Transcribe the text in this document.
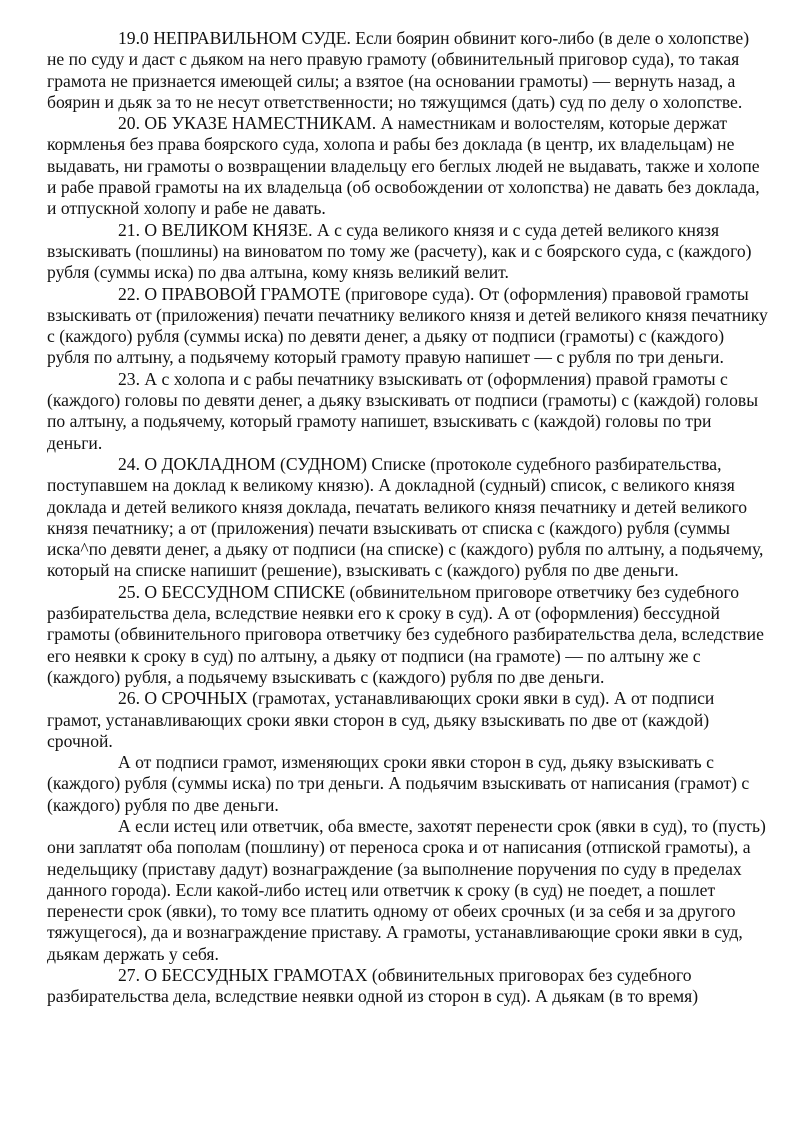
19.0 НЕПРАВИЛЬНОМ СУДЕ. Если боярин обвинит кого-либо (в деле о холопстве) не по суду и даст с дьяком на него правую грамоту (обвинительный приговор суда), то такая грамота не признается имеющей силы; а взятое (на основании грамоты) — вернуть назад, а боярин и дьяк за то не несут ответственности; но тяжущимся (дать) суд по делу о холопстве.

20. ОБ УКАЗЕ НАМЕСТНИКАМ. А наместникам и волостелям, которые держат кормленья без права боярского суда, холопа и рабы без доклада (в центр, их владельцам) не выдавать, ни грамоты о возвращении владельцу его беглых людей не выдавать, также и холопе и рабе правой грамоты на их владельца (об освобождении от холопства) не давать без доклада, и отпускной холопу и рабе не давать.

21. О ВЕЛИКОМ КНЯЗЕ. А с суда великого князя и с суда детей великого князя взыскивать (пошлины) на виноватом по тому же (расчету), как и с боярского суда, с (каждого) рубля (суммы иска) по два алтына, кому князь великий велит.

22. О ПРАВОВОЙ ГРАМОТЕ (приговоре суда). От (оформления) правовой грамоты взыскивать от (приложения) печати печатнику великого князя и детей великого князя печатнику с (каждого) рубля (суммы иска) по девяти денег, а дьяку от подписи (грамоты) с (каждого) рубля по алтыну, а подьячему который грамоту правую напишет — с рубля по три деньги.

23. А с холопа и с рабы печатнику взыскивать от (оформления) правой грамоты с (каждого) головы по девяти денег, а дьяку взыскивать от подписи (грамоты) с (каждой) головы по алтыну, а подьячему, который грамоту напишет, взыскивать с (каждой) головы по три деньги.

24. О ДОКЛАДНОМ (СУДНОМ) Списке (протоколе судебного разбирательства, поступавшем на доклад к великому князю). А докладной (судный) список, с великого князя доклада и детей великого князя доклада, печатать великого князя печатнику и детей великого князя печатнику; а от (приложения) печати взыскивать от списка с (каждого) рубля (суммы иска^по девяти денег, а дьяку от подписи (на списке) с (каждого) рубля по алтыну, а подьячему, который на списке напишит (решение), взыскивать с (каждого) рубля по две деньги.

25. О БЕССУДНОМ СПИСКЕ (обвинительном приговоре ответчику без судебного разбирательства дела, вследствие неявки его к сроку в суд). А от (оформления) бессудной грамоты (обвинительного приговора ответчику без судебного разбирательства дела, вследствие его неявки к сроку в суд) по алтыну, а дьяку от подписи (на грамоте) — по алтыну же с (каждого) рубля, а подьячему взыскивать с (каждого) рубля по две деньги.

26. О СРОЧНЫХ (грамотах, устанавливающих сроки явки в суд). А от подписи грамот, устанавливающих сроки явки сторон в суд, дьяку взыскивать по две от (каждой) срочной.

А от подписи грамот, изменяющих сроки явки сторон в суд, дьяку взыскивать с (каждого) рубля (суммы иска) по три деньги. А подьячим взыскивать от написания (грамот) с (каждого) рубля по две деньги.

А если истец или ответчик, оба вместе, захотят перенести срок (явки в суд), то (пусть) они заплатят оба пополам (пошлину) от переноса срока и от написания (отпиской грамоты), а недельщику (приставу дадут) вознаграждение (за выполнение поручения по суду в пределах данного города). Если какой-либо истец или ответчик к сроку (в суд) не поедет, а пошлет перенести срок (явки), то тому все платить одному от обеих срочных (и за себя и за другого тяжущегося), да и вознаграждение приставу. А грамоты, устанавливающие сроки явки в суд, дьякам держать у себя.

27. О БЕССУДНЫХ ГРАМОТАХ (обвинительных приговорах без судебного разбирательства дела, вследствие неявки одной из сторон в суд). А дьякам (в то время)
